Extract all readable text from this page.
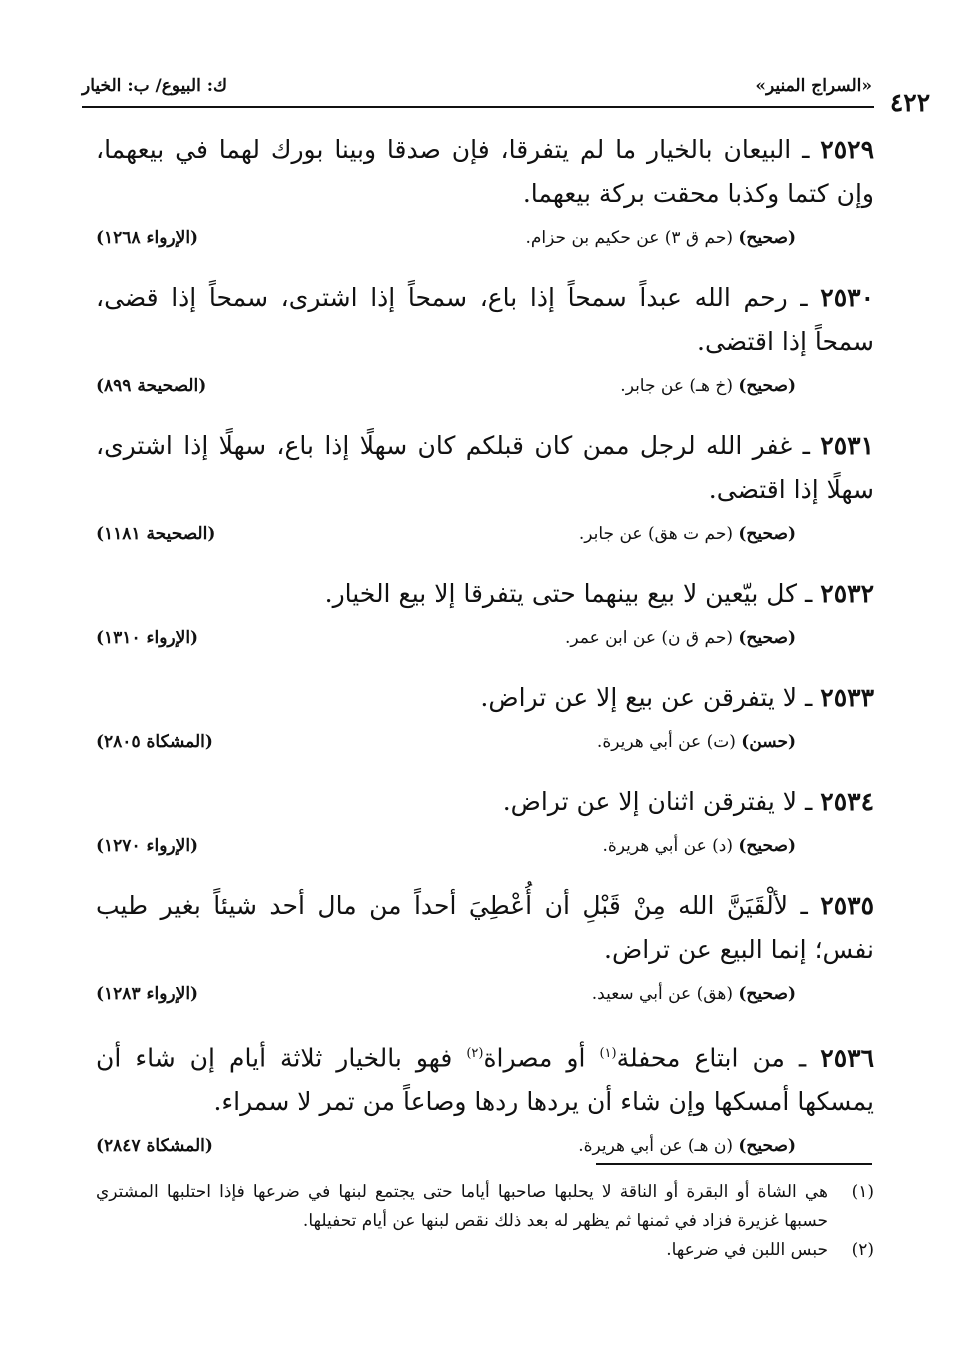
«السراج المنير»
ك: البيوع/ ب: الخيار
٤٢٢
٢٥٢٩ ـ البيعان بالخيار ما لم يتفرقا، فإن صدقا وبينا بورك لهما في بيعهما، وإن كتما وكذبا محقت بركة بيعهما.
(صحيح) (حم ق ٣) عن حكيم بن حزام.
(الإرواء ١٢٦٨)
٢٥٣٠ ـ رحم الله عبداً سمحاً إذا باع، سمحاً إذا اشترى، سمحاً إذا قضى، سمحاً إذا اقتضى.
(صحيح) (خ هـ) عن جابر.
(الصحيحة ٨٩٩)
٢٥٣١ ـ غفر الله لرجل ممن كان قبلكم كان سهلًا إذا باع، سهلًا إذا اشترى، سهلًا إذا اقتضى.
(صحيح) (حم ت هق) عن جابر.
(الصحيحة ١١٨١)
٢٥٣٢ ـ كل بيّعين لا بيع بينهما حتى يتفرقا إلا بيع الخيار.
(صحيح) (حم ق ن) عن ابن عمر.
(الإرواء ١٣١٠)
٢٥٣٣ ـ لا يتفرقن عن بيع إلا عن تراض.
(حسن) (ت) عن أبي هريرة.
(المشكاة ٢٨٠٥)
٢٥٣٤ ـ لا يفترقن اثنان إلا عن تراض.
(صحيح) (د) عن أبي هريرة.
(الإرواء ١٢٧٠)
٢٥٣٥ ـ لألْقَيَنَّ الله مِنْ قَبْلِ أن أُعْطِيَ أحداً من مال أحد شيئاً بغير طيب نفس؛ إنما البيع عن تراض.
(صحيح) (هق) عن أبي سعيد.
(الإرواء ١٢٨٣)
٢٥٣٦ ـ من ابتاع محفلة$^{(١)}$ أو مصراة$^{(٢)}$ فهو بالخيار ثلاثة أيام إن شاء أن يمسكها أمسكها وإن شاء أن يردها ردها وصاعاً من تمر لا سمراء.
(صحيح) (ن هـ) عن أبي هريرة.
(المشكاة ٢٨٤٧)
(١)
هي الشاة أو البقرة أو الناقة لا يحلبها صاحبها أياما حتى يجتمع لبنها في ضرعها فإذا احتلبها المشتري حسبها غزيرة فزاد في ثمنها ثم يظهر له بعد ذلك نقص لبنها عن أيام تحفيلها.
(٢)
حبس اللبن في ضرعها.
